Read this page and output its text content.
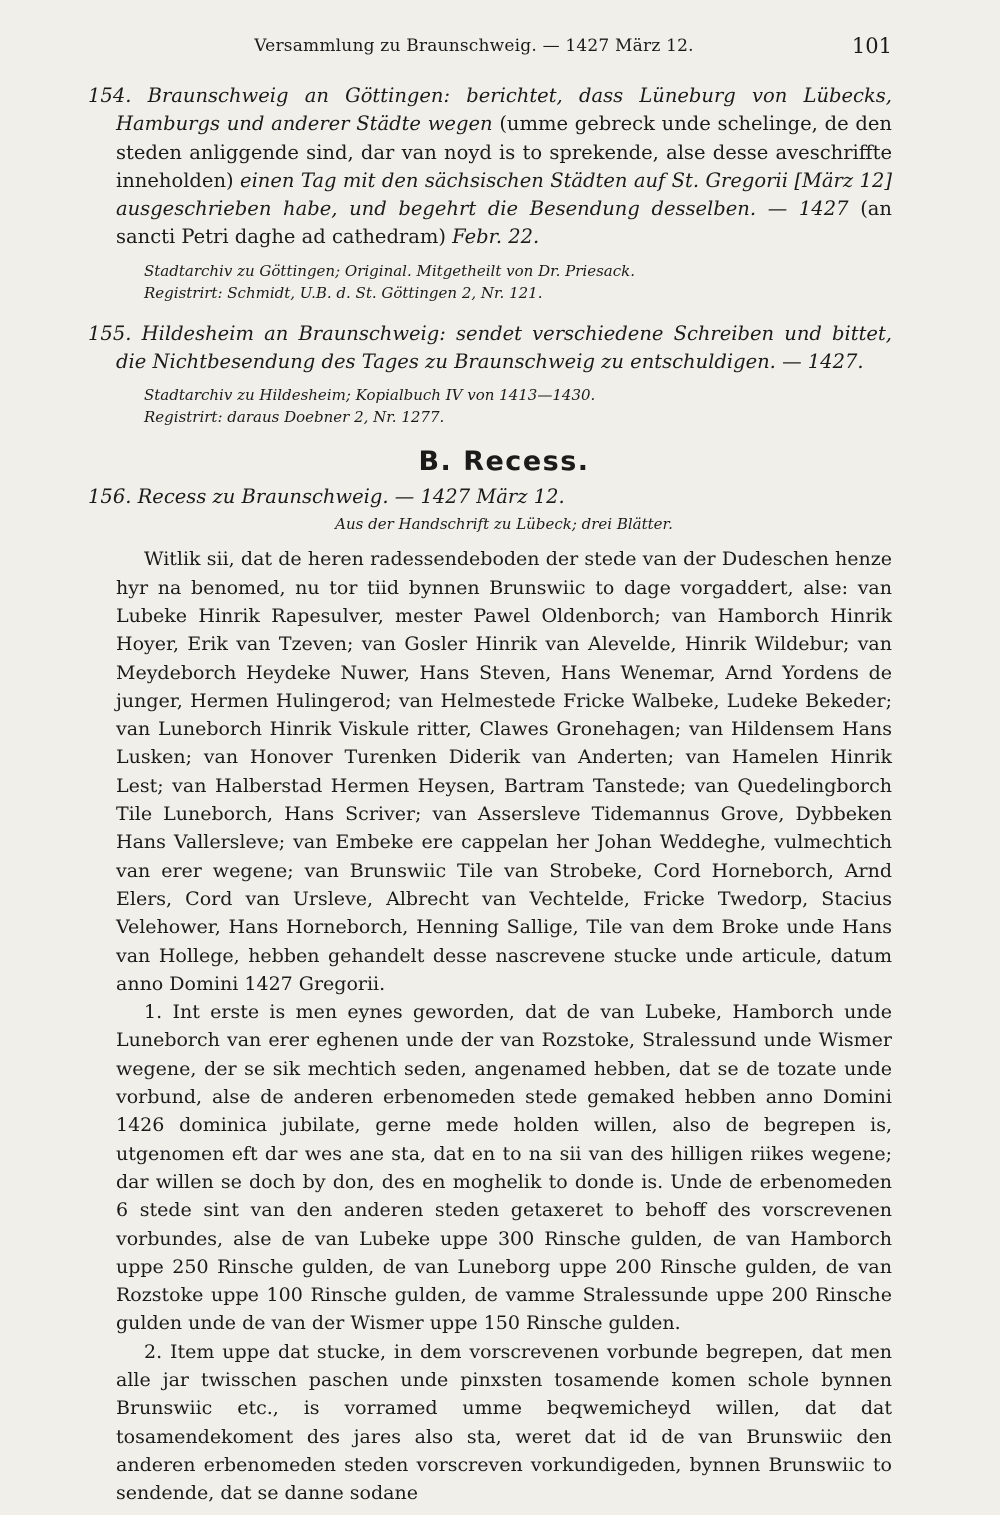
Versammlung zu Braunschweig. — 1427 März 12.	101

154. Braunschweig an Göttingen: berichtet, dass Lüneburg von Lübecks, Hamburgs und anderer Städte wegen (umme gebreck unde schelinge, de den steden anliggende sind, dar van noyd is to sprekende, alse desse aveschriffte inneholden) einen Tag mit den sächsischen Städten auf St. Gregorii [März 12] ausgeschrieben habe, und begehrt die Besendung desselben. — 1427 (an sancti Petri daghe ad cathedram) Febr. 22.

Stadtarchiv zu Göttingen; Original. Mitgetheilt von Dr. Priesack.

Registrirt: Schmidt, U.B. d. St. Göttingen 2, Nr. 121.

155. Hildesheim an Braunschweig: sendet verschiedene Schreiben und bittet, die Nichtbesendung des Tages zu Braunschweig zu entschuldigen. — 1427.

Stadtarchiv zu Hildesheim; Kopialbuch IV von 1413—1430.

Registrirt: daraus Doebner 2, Nr. 1277.

B. Recess.

156. Recess zu Braunschweig. — 1427 März 12.

Aus der Handschrift zu Lübeck; drei Blätter.

Witlik sii, dat de heren radessendeboden der stede van der Dudeschen henze hyr na benomed, nu tor tiid bynnen Brunswiic to dage vorgaddert, alse: van Lubeke Hinrik Rapesulver, mester Pawel Oldenborch; van Hamborch Hinrik Hoyer, Erik van Tzeven; van Gosler Hinrik van Alevelde, Hinrik Wildebur; van Meydeborch Heydeke Nuwer, Hans Steven, Hans Wenemar, Arnd Yordens de junger, Hermen Hulingerod; van Helmestede Fricke Walbeke, Ludeke Bekeder; van Luneborch Hinrik Viskule ritter, Clawes Gronehagen; van Hildensem Hans Lusken; van Honover Turenken Diderik van Anderten; van Hamelen Hinrik Lest; van Halberstad Hermen Heysen, Bartram Tanstede; van Quedelingborch Tile Luneborch, Hans Scriver; van Assersleve Tidemannus Grove, Dybbeken Hans Vallersleve; van Embeke ere cappelan her Johan Weddeghe, vulmechtich van erer wegene; van Brunswiic Tile van Strobeke, Cord Horneborch, Arnd Elers, Cord van Ursleve, Albrecht van Vechtelde, Fricke Twedorp, Stacius Velehower, Hans Horneborch, Henning Sallige, Tile van dem Broke unde Hans van Hollege, hebben gehandelt desse nascrevene stucke unde articule, datum anno Domini 1427 Gregorii.

1. Int erste is men eynes geworden, dat de van Lubeke, Hamborch unde Luneborch van erer eghenen unde der van Rozstoke, Stralessund unde Wismer wegene, der se sik mechtich seden, angenamed hebben, dat se de tozate unde vorbund, alse de anderen erbenomeden stede gemaked hebben anno Domini 1426 dominica jubilate, gerne mede holden willen, also de begrepen is, utgenomen eft dar wes ane sta, dat en to na sii van des hilligen riikes wegene; dar willen se doch by don, des en moghelik to donde is. Unde de erbenomeden 6 stede sint van den anderen steden getaxeret to behoff des vorscrevenen vorbundes, alse de van Lubeke uppe 300 Rinsche gulden, de van Hamborch uppe 250 Rinsche gulden, de van Luneborg uppe 200 Rinsche gulden, de van Rozstoke uppe 100 Rinsche gulden, de vamme Stralessunde uppe 200 Rinsche gulden unde de van der Wismer uppe 150 Rinsche gulden.

2. Item uppe dat stucke, in dem vorscrevenen vorbunde begrepen, dat men alle jar twisschen paschen unde pinxsten tosamende komen schole bynnen Brunswiic etc., is vorramed umme beqwemicheyd willen, dat dat tosamendekoment des jares also sta, weret dat id de van Brunswiic den anderen erbenomeden steden vorscreven vorkundigeden, bynnen Brunswiic to sendende, dat se danne sodane
